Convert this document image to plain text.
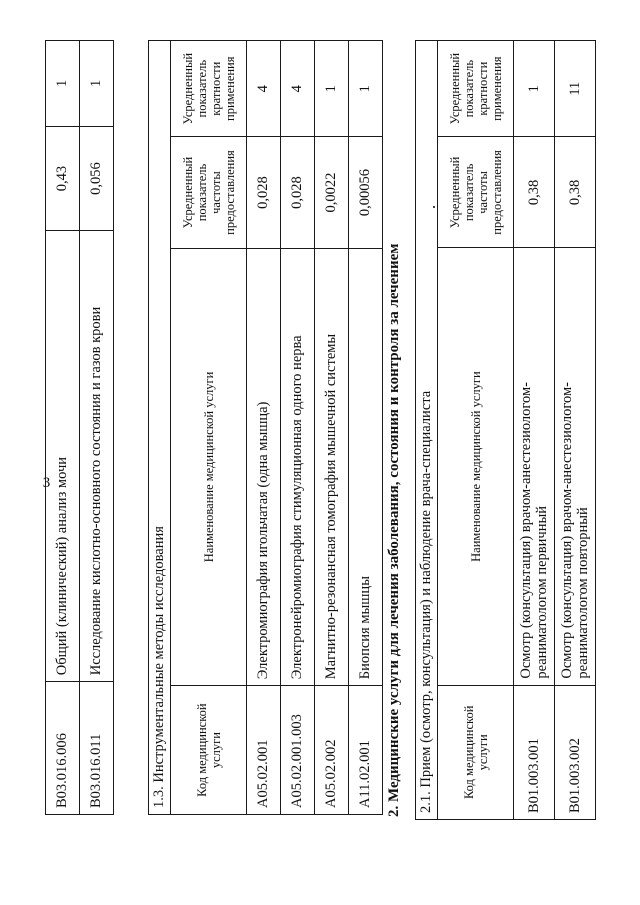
3
B03.016.006	Общий (клинический) анализ мочи	0,43	1
B03.016.011	Исследование кислотно-основного состояния и газов крови	0,056	1
1.3. Инструментальные методы исследования			
Код медицинской услуги	Наименование медицинской услуги	Усредненный показатель частоты предоставления	Усредненный показатель кратности применения
A05.02.001	Электромиография игольчатая (одна мышца)	0,028	4
A05.02.001.003	Электронейромиография стимуляционная одного нерва	0,028	4
A05.02.002	Магнитно-резонансная томография мышечной системы	0,0022	1
A11.02.001	Биопсия мышцы	0,00056	1
2. Медицинские услуги для лечения заболевания, состояния и контроля за лечением 2.1. Прием (осмотр, консультация) и наблюдение врача-специалиста			
Код медицинской услуги	Наименование медицинской услуги	Усредненный показатель частоты предоставления	Усредненный показатель кратности применения
B01.003.001	Осмотр (консультация) врачом-анестезиологом- реаниматологом первичный	0,38	1
B01.003.002	Осмотр (консультация) врачом-анестезиологом- реаниматологом повторный	0,38	11
